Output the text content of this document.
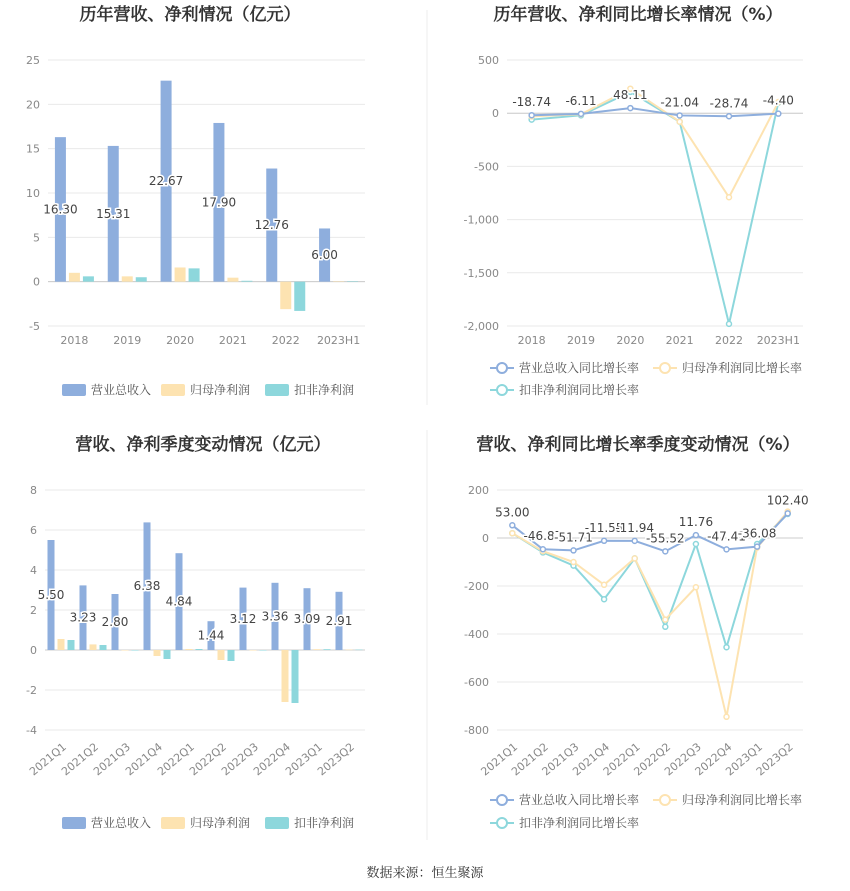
历年营收、净利情况（亿元）
25
20
15
10
5
0
-5
2018 2019 2020 2021 2022 2023H1
16.30 15.31
22.67
17.90
12.76
6.00
营业总收入	归母净利润	扣非净利润
历年营收、净利同比增长率情况（%）
500
0
-500
-1,000
-1,500
-2,000
2018 2019 2020 2021 2022 2023H1
-18.74 -6.11 48.11
-21.04 -28.74 -4.40
营业总收入同比增长率	归母净利润同比增长率
扣非净利润同比增长率
营收、净利季度变动情况（亿元）
8
6
4
2
0
-2
-4
2021Q1
2021Q2
2021Q3
2021Q4
2022Q1
2022Q2
2022Q3
2022Q4
2023Q1
2023Q2
5.50
3.23 2.80
6.38
4.84
1.44
3.12 3.36 3.09 2.91
营业总收入	归母净利润	扣非净利润
营收、净利同比增长率季度变动情况（%）
200
0
-200
-400
-600
-800
2021Q1
2021Q2
2021Q3
2021Q4
2022Q1
2022Q2
2022Q3
2022Q4
2023Q1
2023Q2
53.00
-46.87
-51.71
-11.55
-11.94
-55.52
11.76
-47.41
-36.08
102.40
营业总收入同比增长率	归母净利润同比增长率
扣非净利润同比增长率
数据来源：恒生聚源
